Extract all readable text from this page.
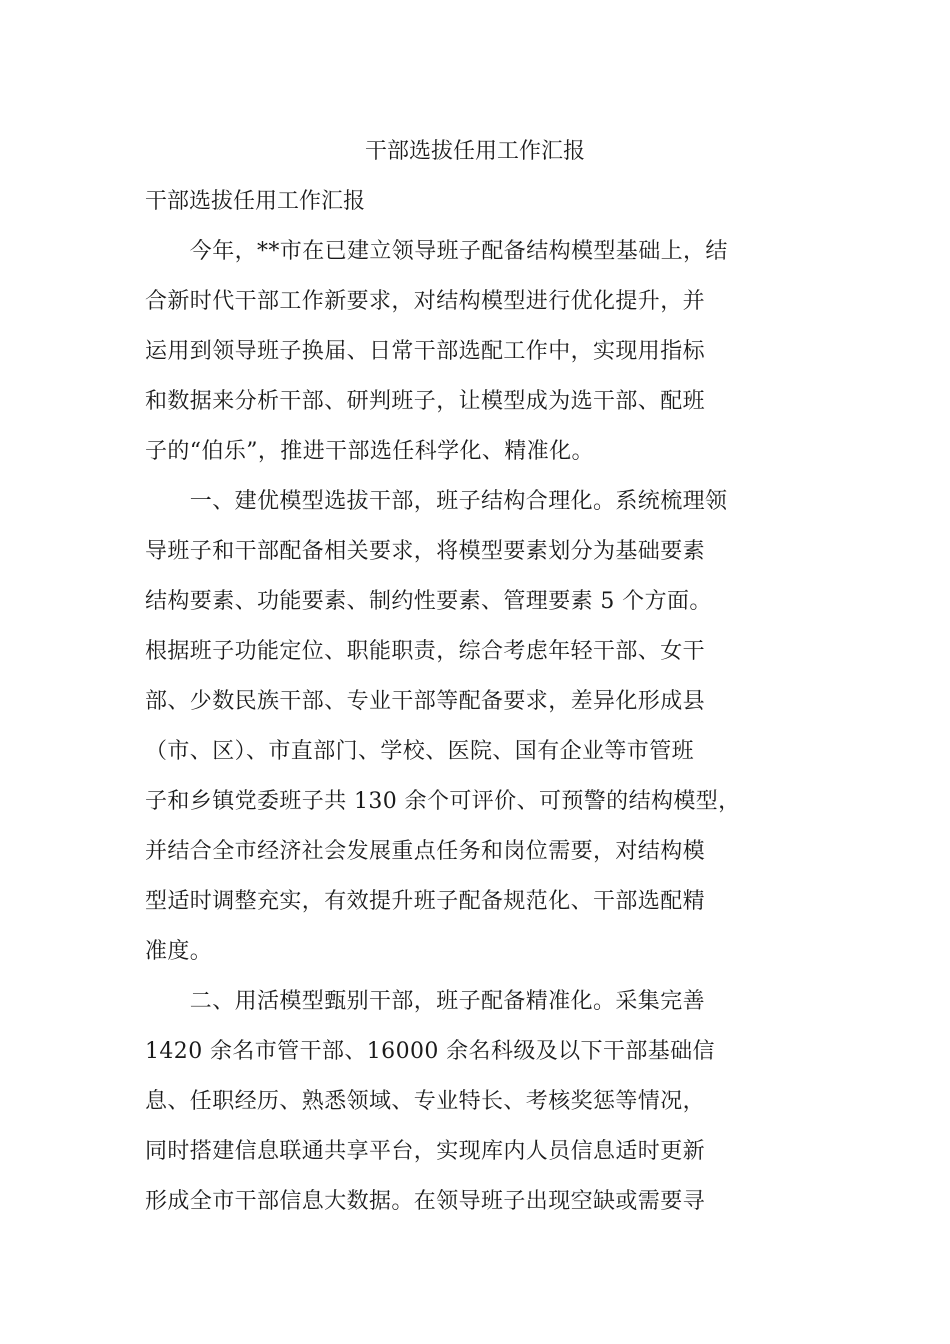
干部选拔任用工作汇报

干部选拔任用工作汇报

　　今年，**市在已建立领导班子配备结构模型基础上，结

合新时代干部工作新要求，对结构模型进行优化提升，并

运用到领导班子换届、日常干部选配工作中，实现用指标

和数据来分析干部、研判班子，让模型成为选干部、配班

子的“伯乐”，推进干部选任科学化、精准化。

　　一、建优模型选拔干部，班子结构合理化。系统梳理领

导班子和干部配备相关要求，将模型要素划分为基础要素

结构要素、功能要素、制约性要素、管理要素 5 个方面。

根据班子功能定位、职能职责，综合考虑年轻干部、女干

部、少数民族干部、专业干部等配备要求，差异化形成县

（市、区）、市直部门、学校、医院、国有企业等市管班

子和乡镇党委班子共 130 余个可评价、可预警的结构模型，

并结合全市经济社会发展重点任务和岗位需要，对结构模

型适时调整充实，有效提升班子配备规范化、干部选配精

准度。

　　二、用活模型甄别干部，班子配备精准化。采集完善

1420 余名市管干部、16000 余名科级及以下干部基础信

息、任职经历、熟悉领域、专业特长、考核奖惩等情况，

同时搭建信息联通共享平台，实现库内人员信息适时更新

形成全市干部信息大数据。在领导班子出现空缺或需要寻
